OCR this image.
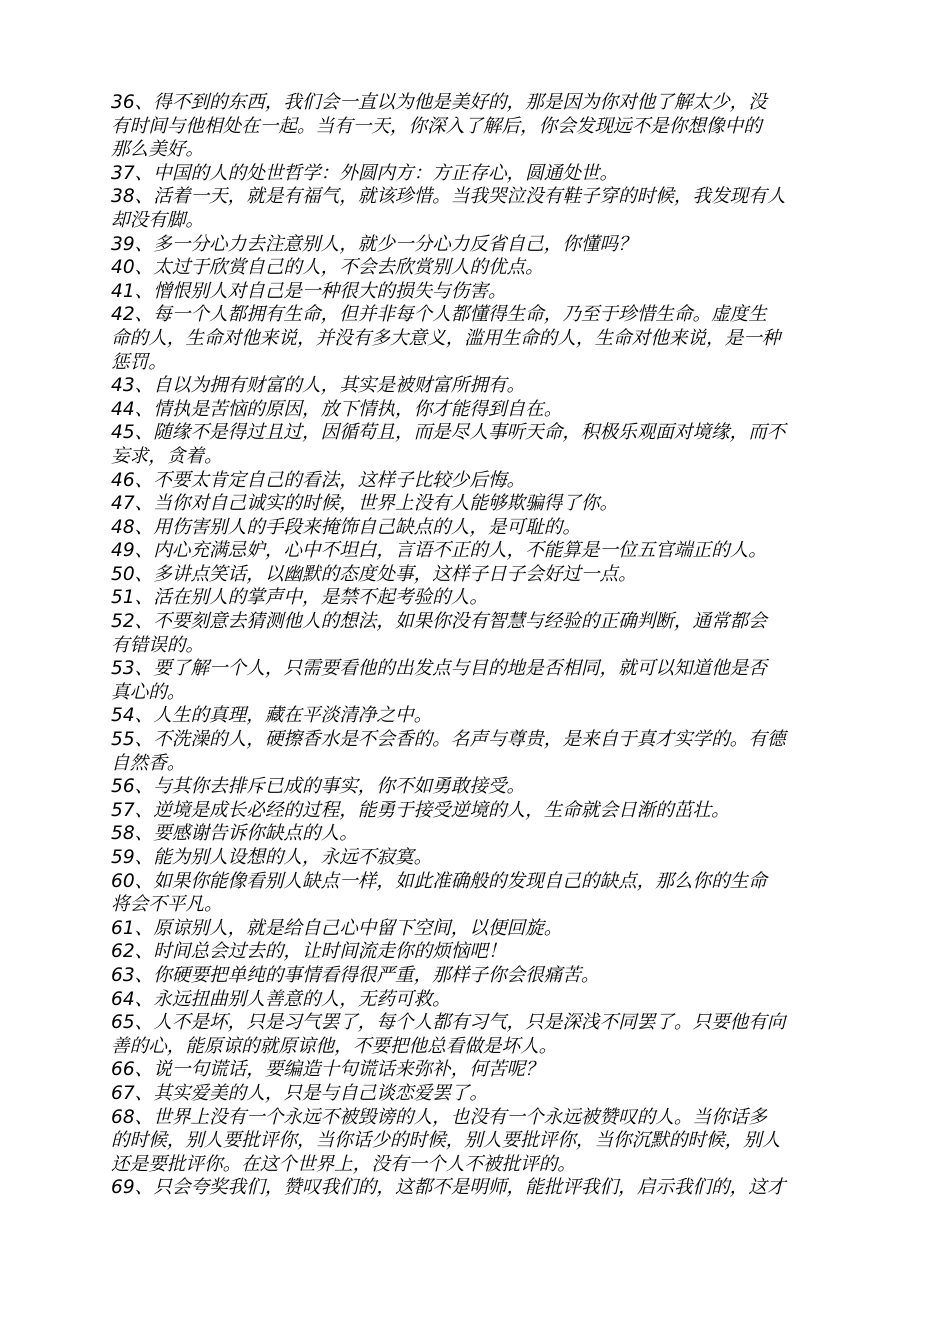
36、得不到的东西，我们会一直以为他是美好的，那是因为你对他了解太少，没
有时间与他相处在一起。当有一天，你深入了解后，你会发现远不是你想像中的
那么美好。
37、中国的人的处世哲学：外圆内方：方正存心，圆通处世。
38、活着一天，就是有福气，就该珍惜。当我哭泣没有鞋子穿的时候，我发现有人
却没有脚。
39、多一分心力去注意别人，就少一分心力反省自己，你懂吗？
40、太过于欣赏自己的人，不会去欣赏别人的优点。
41、憎恨别人对自己是一种很大的损失与伤害。
42、每一个人都拥有生命，但并非每个人都懂得生命，乃至于珍惜生命。虚度生
命的人，生命对他来说，并没有多大意义，滥用生命的人，生命对他来说，是一种
惩罚。
43、自以为拥有财富的人，其实是被财富所拥有。
44、情执是苦恼的原因，放下情执，你才能得到自在。
45、随缘不是得过且过，因循苟且，而是尽人事听天命，积极乐观面对境缘，而不
妄求，贪着。
46、不要太肯定自己的看法，这样子比较少后悔。
47、当你对自己诚实的时候，世界上没有人能够欺骗得了你。
48、用伤害别人的手段来掩饰自己缺点的人，是可耻的。
49、内心充满忌妒，心中不坦白，言语不正的人，不能算是一位五官端正的人。
50、多讲点笑话，以幽默的态度处事，这样子日子会好过一点。
51、活在别人的掌声中，是禁不起考验的人。
52、不要刻意去猜测他人的想法，如果你没有智慧与经验的正确判断，通常都会
有错误的。
53、要了解一个人，只需要看他的出发点与目的地是否相同，就可以知道他是否
真心的。
54、人生的真理，藏在平淡清净之中。
55、不洗澡的人，硬擦香水是不会香的。名声与尊贵，是来自于真才实学的。有德
自然香。
56、与其你去排斥已成的事实，你不如勇敢接受。
57、逆境是成长必经的过程，能勇于接受逆境的人，生命就会日渐的茁壮。
58、要感谢告诉你缺点的人。
59、能为别人设想的人，永远不寂寞。
60、如果你能像看别人缺点一样，如此准确般的发现自己的缺点，那么你的生命
将会不平凡。
61、原谅别人，就是给自己心中留下空间，以便回旋。
62、时间总会过去的，让时间流走你的烦恼吧！
63、你硬要把单纯的事情看得很严重，那样子你会很痛苦。
64、永远扭曲别人善意的人，无药可救。
65、人不是坏，只是习气罢了，每个人都有习气，只是深浅不同罢了。只要他有向
善的心，能原谅的就原谅他，不要把他总看做是坏人。
66、说一句谎话，要编造十句谎话来弥补，何苦呢？
67、其实爱美的人，只是与自己谈恋爱罢了。
68、世界上没有一个永远不被毁谤的人，也没有一个永远被赞叹的人。当你话多
的时候，别人要批评你，当你话少的时候，别人要批评你，当你沉默的时候，别人
还是要批评你。在这个世界上，没有一个人不被批评的。
69、只会夸奖我们，赞叹我们的，这都不是明师，能批评我们，启示我们的，这才
